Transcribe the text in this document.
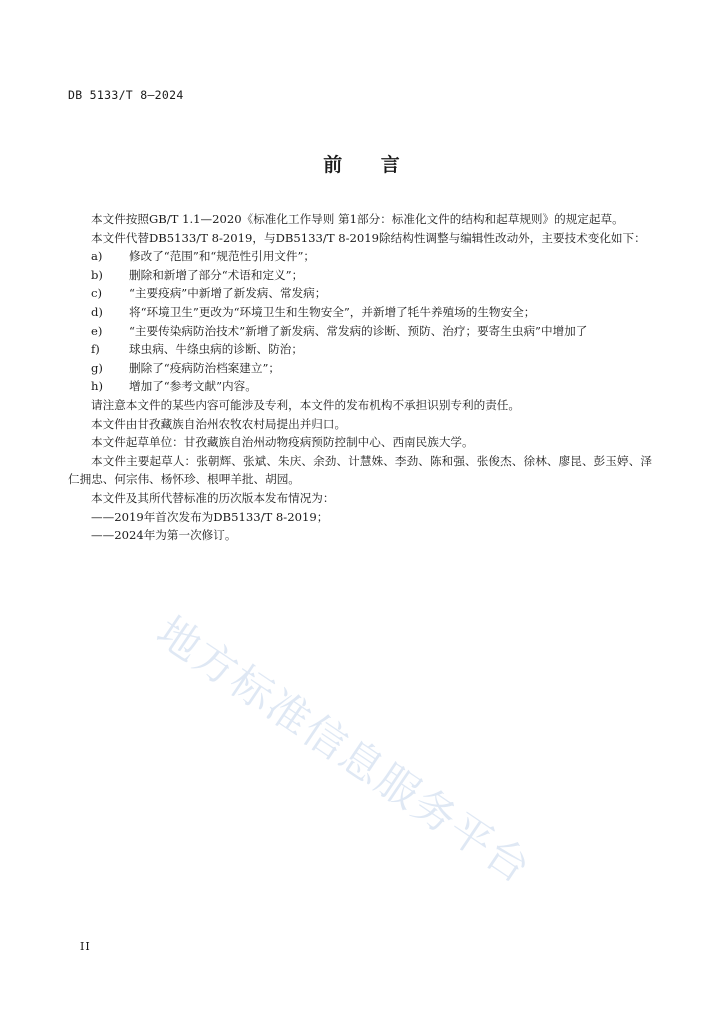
DB 5133/T 8—2024
前 言

本文件按照GB/T 1.1—2020《标准化工作导则 第1部分：标准化文件的结构和起草规则》的规定起草。

本文件代替DB5133/T 8-2019，与DB5133/T 8-2019除结构性调整与编辑性改动外，主要技术变化如下：

a)	修改了“范围”和“规范性引用文件”；
b)	删除和新增了部分“术语和定义”；
c)	“主要疫病”中新增了新发病、常发病；
d)	将“环境卫生”更改为“环境卫生和生物安全”，并新增了牦牛养殖场的生物安全；
e)	“主要传染病防治技术”新增了新发病、常发病的诊断、预防、治疗；要寄生虫病”中增加了
f)	球虫病、牛绦虫病的诊断、防治；
g)	删除了“疫病防治档案建立”；
h)	增加了“参考文献”内容。

请注意本文件的某些内容可能涉及专利，本文件的发布机构不承担识别专利的责任。

本文件由甘孜藏族自治州农牧农村局提出并归口。

本文件起草单位：甘孜藏族自治州动物疫病预防控制中心、西南民族大学。

本文件主要起草人：张朝辉、张斌、朱庆、余劲、计慧姝、李劲、陈和强、张俊杰、徐林、廖昆、彭玉婷、泽仁拥忠、何宗伟、杨怀珍、根呷羊批、胡园。

本文件及其所代替标准的历次版本发布情况为：

——2019年首次发布为DB5133/T 8-2019；

——2024年为第一次修订。

地方标准信息服务平台
II
